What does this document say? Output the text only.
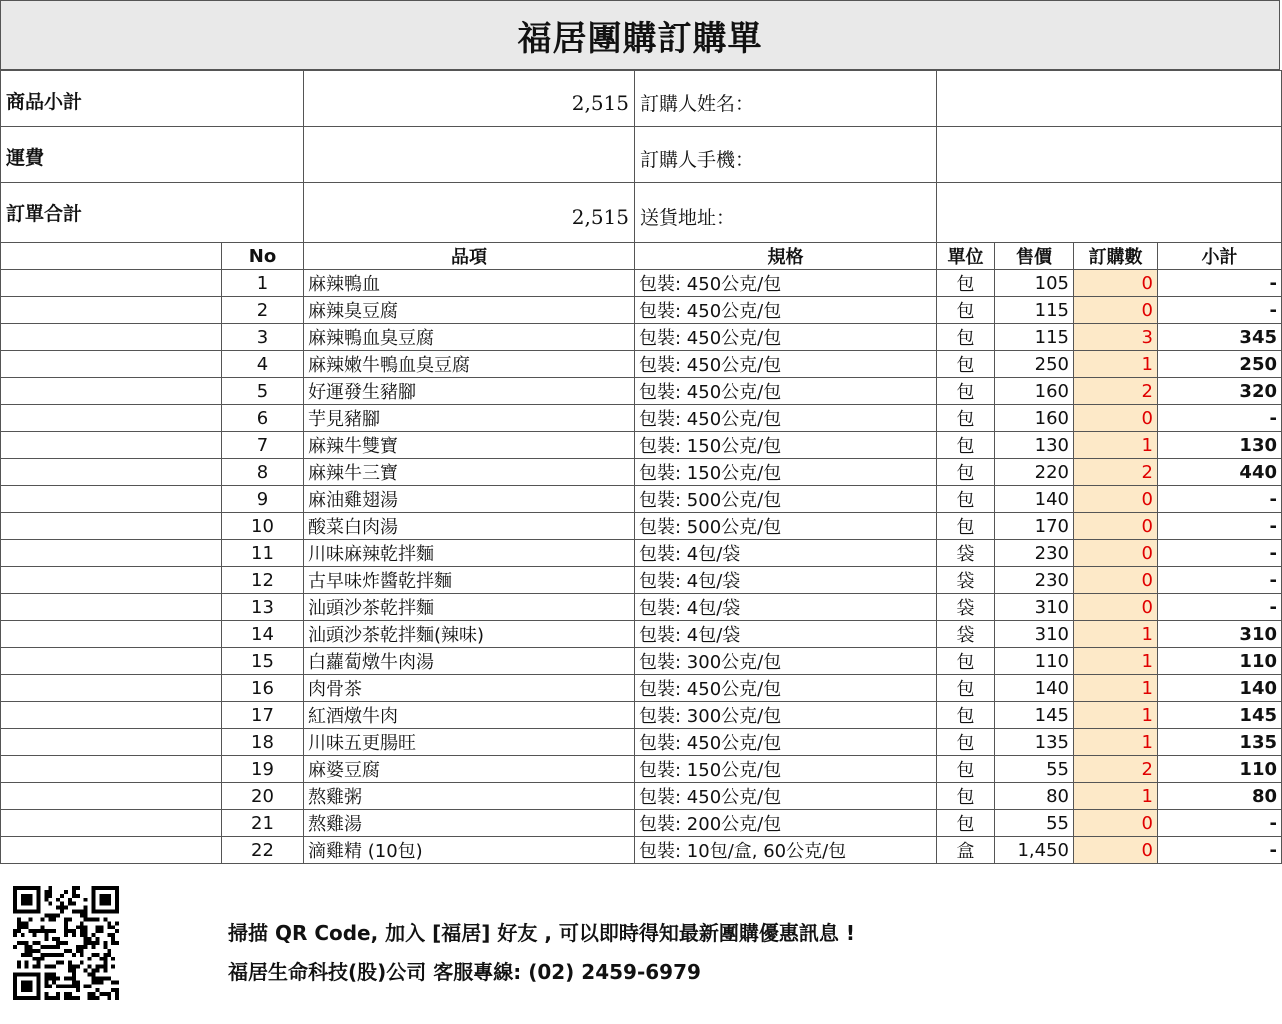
福居團購訂購單
商品小計	2,515	訂購人姓名：	
運費		訂購人手機：	
訂單合計	2,515	送貨地址：	
	No	品項	規格	單位	售價	訂購數	小計
	1	麻辣鴨血	包裝: 450公克/包	包	105	0	-
	2	麻辣臭豆腐	包裝: 450公克/包	包	115	0	-
	3	麻辣鴨血臭豆腐	包裝: 450公克/包	包	115	3	345
	4	麻辣嫩牛鴨血臭豆腐	包裝: 450公克/包	包	250	1	250
	5	好運發生豬腳	包裝: 450公克/包	包	160	2	320
	6	芋見豬腳	包裝: 450公克/包	包	160	0	-
	7	麻辣牛雙寶	包裝: 150公克/包	包	130	1	130
	8	麻辣牛三寶	包裝: 150公克/包	包	220	2	440
	9	麻油雞翅湯	包裝: 500公克/包	包	140	0	-
	10	酸菜白肉湯	包裝: 500公克/包	包	170	0	-
	11	川味麻辣乾拌麵	包裝: 4包/袋	袋	230	0	-
	12	古早味炸醬乾拌麵	包裝: 4包/袋	袋	230	0	-
	13	汕頭沙茶乾拌麵	包裝: 4包/袋	袋	310	0	-
	14	汕頭沙茶乾拌麵(辣味)	包裝: 4包/袋	袋	310	1	310
	15	白蘿蔔燉牛肉湯	包裝: 300公克/包	包	110	1	110
	16	肉骨茶	包裝: 450公克/包	包	140	1	140
	17	紅酒燉牛肉	包裝: 300公克/包	包	145	1	145
	18	川味五更腸旺	包裝: 450公克/包	包	135	1	135
	19	麻婆豆腐	包裝: 150公克/包	包	55	2	110
	20	熬雞粥	包裝: 450公克/包	包	80	1	80
	21	熬雞湯	包裝: 200公克/包	包	55	0	-
	22	滴雞精 (10包)	包裝: 10包/盒, 60公克/包	盒	1,450	0	-
掃描 QR Code, 加入 [福居] 好友 , 可以即時得知最新團購優惠訊息 !
福居生命科技(股)公司 客服專線: (02) 2459-6979
